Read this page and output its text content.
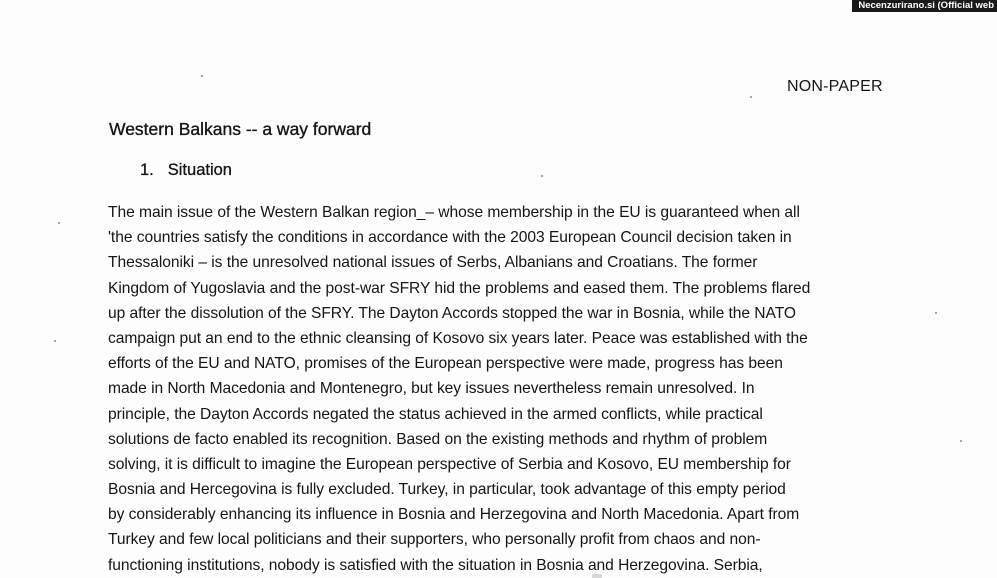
Necenzurirano.si (Official web
NON-PAPER
Western Balkans -- a way forward
1. Situation
The main issue of the Western Balkan region_– whose membership in the EU is guaranteed when all
'the countries satisfy the conditions in accordance with the 2003 European Council decision taken in
Thessaloniki – is the unresolved national issues of Serbs, Albanians and Croatians. The former
Kingdom of Yugoslavia and the post-war SFRY hid the problems and eased them. The problems flared
up after the dissolution of the SFRY. The Dayton Accords stopped the war in Bosnia, while the NATO
campaign put an end to the ethnic cleansing of Kosovo six years later. Peace was established with the
efforts of the EU and NATO, promises of the European perspective were made, progress has been
made in North Macedonia and Montenegro, but key issues nevertheless remain unresolved. In
principle, the Dayton Accords negated the status achieved in the armed conflicts, while practical
solutions de facto enabled its recognition. Based on the existing methods and rhythm of problem
solving, it is difficult to imagine the European perspective of Serbia and Kosovo, EU membership for
Bosnia and Hercegovina is fully excluded. Turkey, in particular, took advantage of this empty period
by considerably enhancing its influence in Bosnia and Herzegovina and North Macedonia. Apart from
Turkey and few local politicians and their supporters, who personally profit from chaos and non-
functioning institutions, nobody is satisfied with the situation in Bosnia and Herzegovina. Serbia,
